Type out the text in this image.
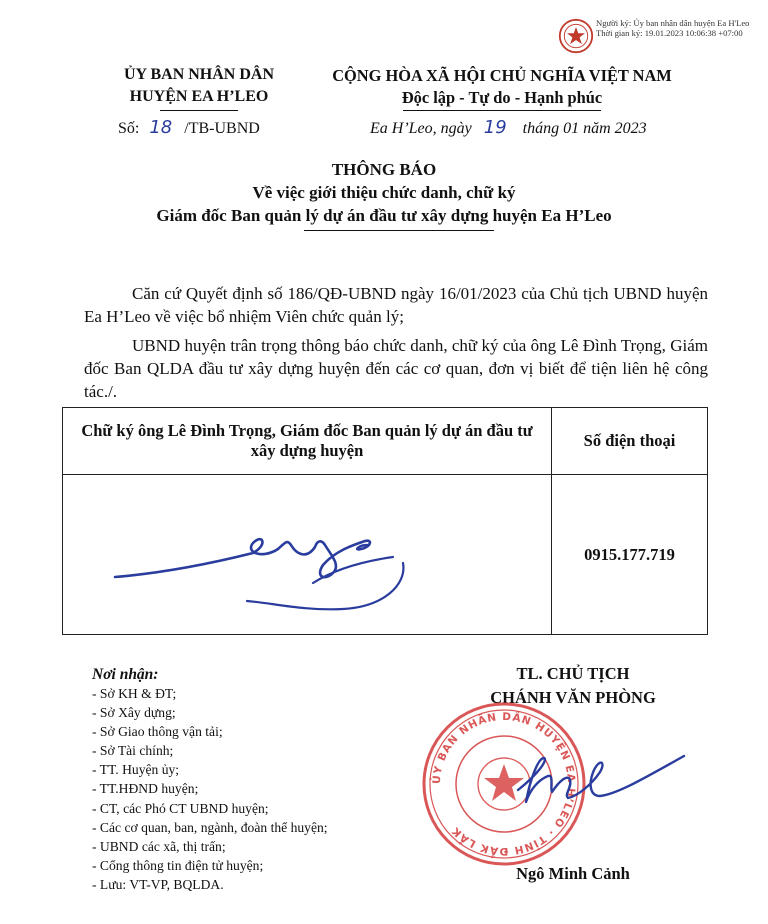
Người ký: Ủy ban nhân dân huyện Ea H'Leo
Thời gian ký: 19.01.2023 10:06:38 +07:00
ỦY BAN NHÂN DÂN
HUYỆN EA H’LEO
CỘNG HÒA XÃ HỘI CHỦ NGHĨA VIỆT NAM
Độc lập - Tự do - Hạnh phúc
Số: 18 /TB-UBND	Ea H’Leo, ngày 19 tháng 01 năm 2023
THÔNG BÁO
Về việc giới thiệu chức danh, chữ ký
Giám đốc Ban quản lý dự án đầu tư xây dựng huyện Ea H’Leo
Căn cứ Quyết định số 186/QĐ-UBND ngày 16/01/2023 của Chủ tịch UBND huyện Ea H’Leo về việc bổ nhiệm Viên chức quản lý;
UBND huyện trân trọng thông báo chức danh, chữ ký của ông Lê Đình Trọng, Giám đốc Ban QLDA đầu tư xây dựng huyện đến các cơ quan, đơn vị biết để tiện liên hệ công tác./.
Chữ ký ông Lê Đình Trọng, Giám đốc Ban quản lý dự án đầu tư xây dựng huyện	Số điện thoại

	0915.177.719
Nơi nhận:
- Sở KH & ĐT;
- Sở Xây dựng;
- Sở Giao thông vận tải;
- Sở Tài chính;
- TT. Huyện ủy;
- TT.HĐND huyện;
- CT, các Phó CT UBND huyện;
- Các cơ quan, ban, ngành, đoàn thể huyện;
- UBND các xã, thị trấn;
- Cổng thông tin điện tử huyện;
- Lưu: VT-VP, BQLDA.
TL. CHỦ TỊCH
CHÁNH VĂN PHÒNG
ỦY BAN NHÂN DÂN HUYỆN EA H’LEO · TỈNH ĐẮK LẮK
Ngô Minh Cảnh
